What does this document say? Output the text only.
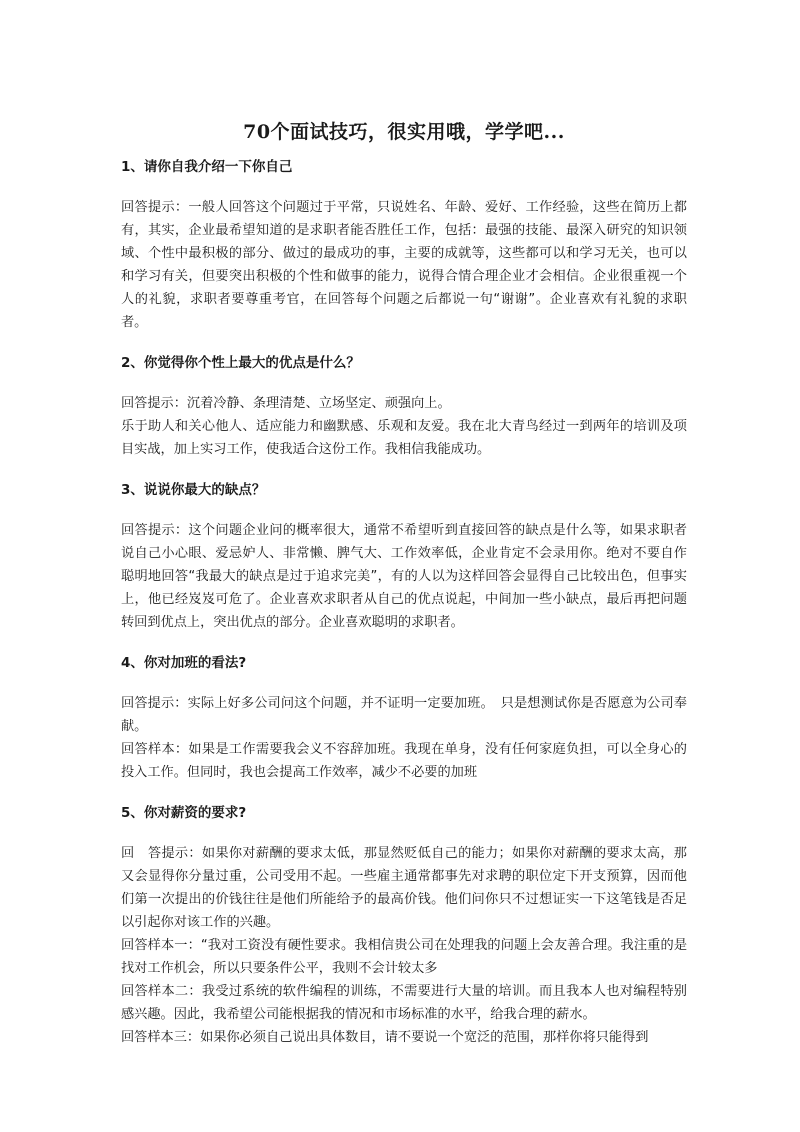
70个面试技巧，很实用哦，学学吧...

1、请你自我介绍一下你自己

回答提示：一般人回答这个问题过于平常，只说姓名、年龄、爱好、工作经验，这些在简历上都有，其实，企业最希望知道的是求职者能否胜任工作，包括：最强的技能、最深入研究的知识领域、个性中最积极的部分、做过的最成功的事，主要的成就等，这些都可以和学习无关，也可以和学习有关，但要突出积极的个性和做事的能力，说得合情合理企业才会相信。企业很重视一个人的礼貌，求职者要尊重考官，在回答每个问题之后都说一句“谢谢”。企业喜欢有礼貌的求职者。

2、你觉得你个性上最大的优点是什么？

回答提示：沉着冷静、条理清楚、立场坚定、顽强向上。

乐于助人和关心他人、适应能力和幽默感、乐观和友爱。我在北大青鸟经过一到两年的培训及项目实战，加上实习工作，使我适合这份工作。我相信我能成功。

3、说说你最大的缺点？

回答提示：这个问题企业问的概率很大，通常不希望听到直接回答的缺点是什么等，如果求职者说自己小心眼、爱忌妒人、非常懒、脾气大、工作效率低，企业肯定不会录用你。绝对不要自作聪明地回答“我最大的缺点是过于追求完美”，有的人以为这样回答会显得自己比较出色，但事实上，他已经岌岌可危了。企业喜欢求职者从自己的优点说起，中间加一些小缺点，最后再把问题转回到优点上，突出优点的部分。企业喜欢聪明的求职者。

4、你对加班的看法?

回答提示：实际上好多公司问这个问题，并不证明一定要加班。　只是想测试你是否愿意为公司奉献。

回答样本：如果是工作需要我会义不容辞加班。我现在单身，没有任何家庭负担，可以全身心的投入工作。但同时，我也会提高工作效率，减少不必要的加班

5、你对薪资的要求?

回　答提示：如果你对薪酬的要求太低，那显然贬低自己的能力；如果你对薪酬的要求太高，那又会显得你分量过重，公司受用不起。一些雇主通常都事先对求聘的职位定下开支预算，因而他们第一次提出的价钱往往是他们所能给予的最高价钱。他们问你只不过想证实一下这笔钱是否足以引起你对该工作的兴趣。

回答样本一：“我对工资没有硬性要求。我相信贵公司在处理我的问题上会友善合理。我注重的是找对工作机会，所以只要条件公平，我则不会计较太多

回答样本二：我受过系统的软件编程的训练，不需要进行大量的培训。而且我本人也对编程特别感兴趣。因此，我希望公司能根据我的情况和市场标准的水平，给我合理的薪水。

回答样本三：如果你必须自己说出具体数目，请不要说一个宽泛的范围，那样你将只能得到
